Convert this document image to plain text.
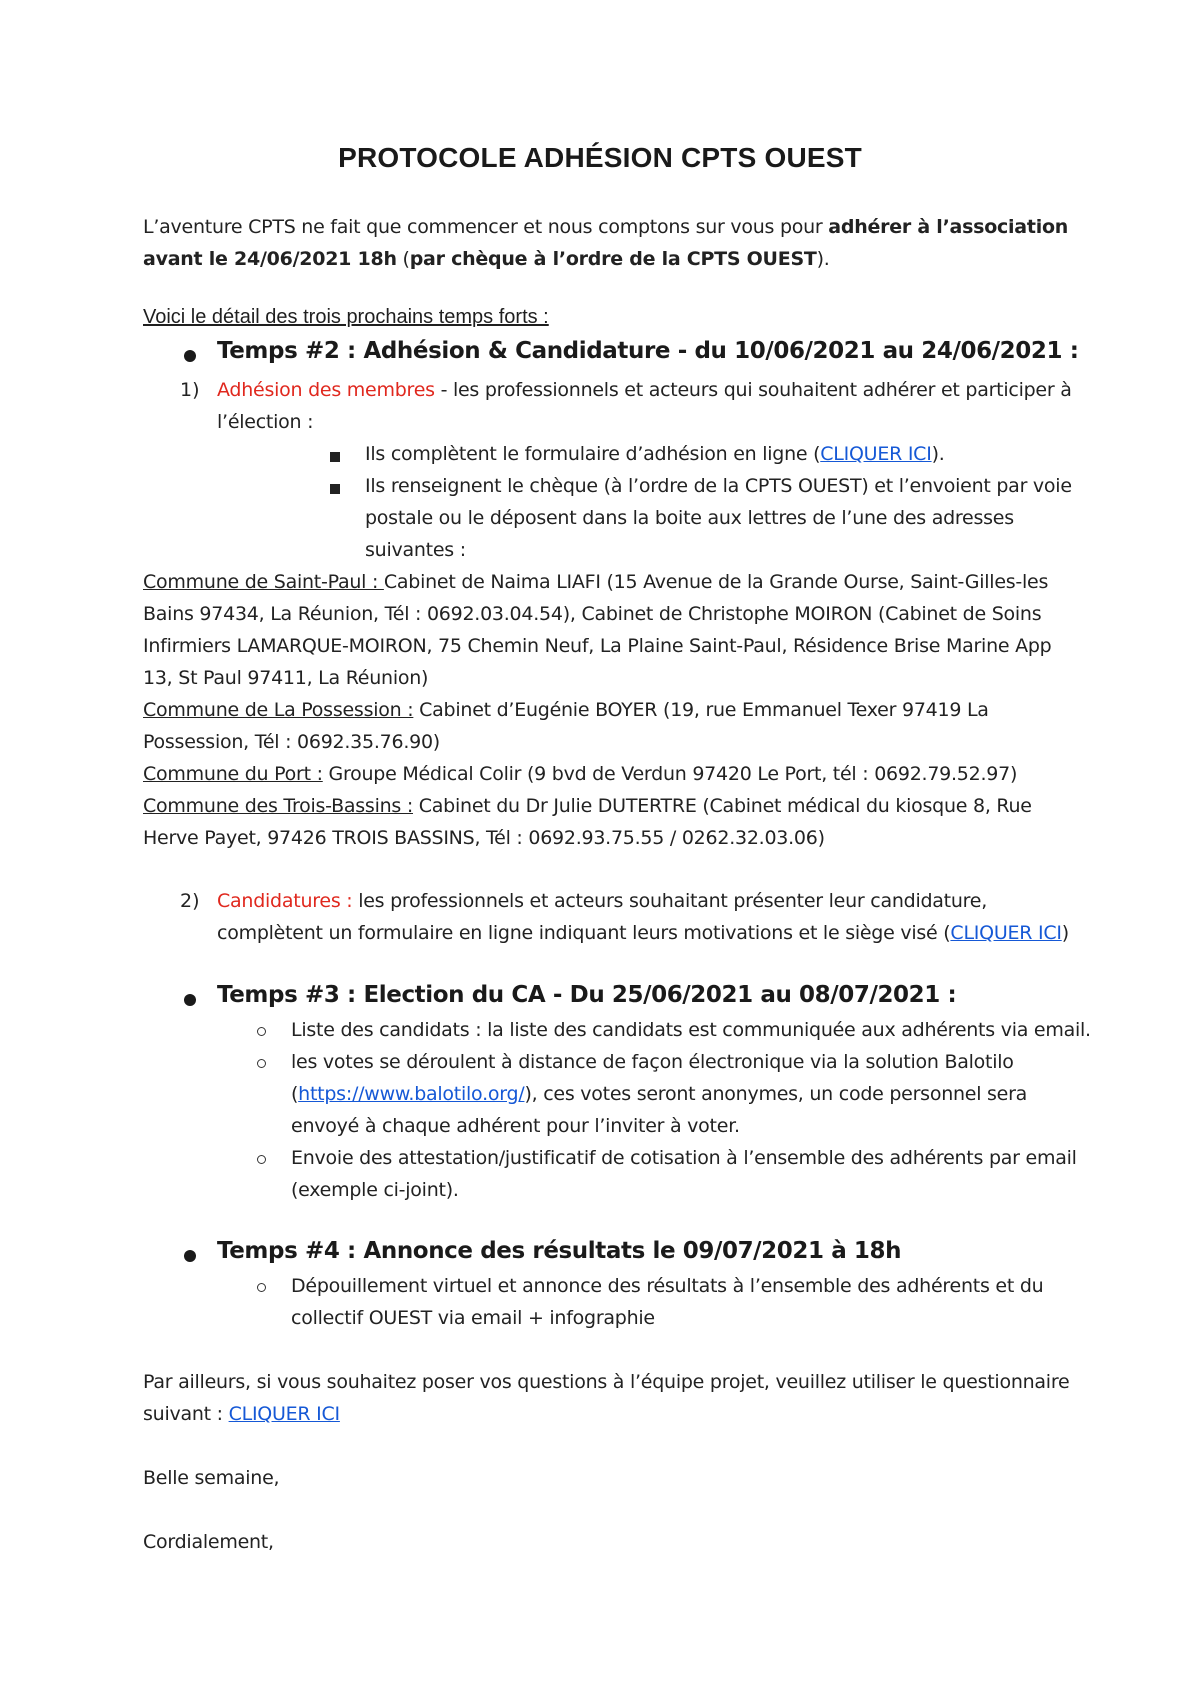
PROTOCOLE ADHÉSION CPTS OUEST
L’aventure CPTS ne fait que commencer et nous comptons sur vous pour adhérer à l’association
avant le 24/06/2021 18h (par chèque à l’ordre de la CPTS OUEST).
Voici le détail des trois prochains temps forts :
Temps #2 : Adhésion & Candidature - du 10/06/2021 au 24/06/2021 :
1) Adhésion des membres - les professionnels et acteurs qui souhaitent adhérer et participer à
l’élection :
Ils complètent le formulaire d’adhésion en ligne (CLIQUER ICI).
Ils renseignent le chèque (à l’ordre de la CPTS OUEST) et l’envoient par voie
postale ou le déposent dans la boite aux lettres de l’une des adresses
suivantes :
Commune de Saint-Paul : Cabinet de Naima LIAFI (15 Avenue de la Grande Ourse, Saint-Gilles-les
Bains 97434, La Réunion, Tél : 0692.03.04.54), Cabinet de Christophe MOIRON (Cabinet de Soins
Infirmiers LAMARQUE-MOIRON, 75 Chemin Neuf, La Plaine Saint-Paul, Résidence Brise Marine App
13, St Paul 97411, La Réunion)
Commune de La Possession : Cabinet d’Eugénie BOYER (19, rue Emmanuel Texer 97419 La
Possession, Tél : 0692.35.76.90)
Commune du Port : Groupe Médical Colir (9 bvd de Verdun 97420 Le Port, tél : 0692.79.52.97)
Commune des Trois-Bassins : Cabinet du Dr Julie DUTERTRE (Cabinet médical du kiosque 8, Rue
Herve Payet, 97426 TROIS BASSINS, Tél : 0692.93.75.55 / 0262.32.03.06)
2) Candidatures : les professionnels et acteurs souhaitant présenter leur candidature,
complètent un formulaire en ligne indiquant leurs motivations et le siège visé (CLIQUER ICI)
Temps #3 : Election du CA - Du 25/06/2021 au 08/07/2021 :
Liste des candidats : la liste des candidats est communiquée aux adhérents via email.
les votes se déroulent à distance de façon électronique via la solution Balotilo
(https://www.balotilo.org/), ces votes seront anonymes, un code personnel sera
envoyé à chaque adhérent pour l’inviter à voter.
Envoie des attestation/justificatif de cotisation à l’ensemble des adhérents par email
(exemple ci-joint).
Temps #4 : Annonce des résultats le 09/07/2021 à 18h
Dépouillement virtuel et annonce des résultats à l’ensemble des adhérents et du
collectif OUEST via email + infographie
Par ailleurs, si vous souhaitez poser vos questions à l’équipe projet, veuillez utiliser le questionnaire
suivant : CLIQUER ICI
Belle semaine,
Cordialement,
